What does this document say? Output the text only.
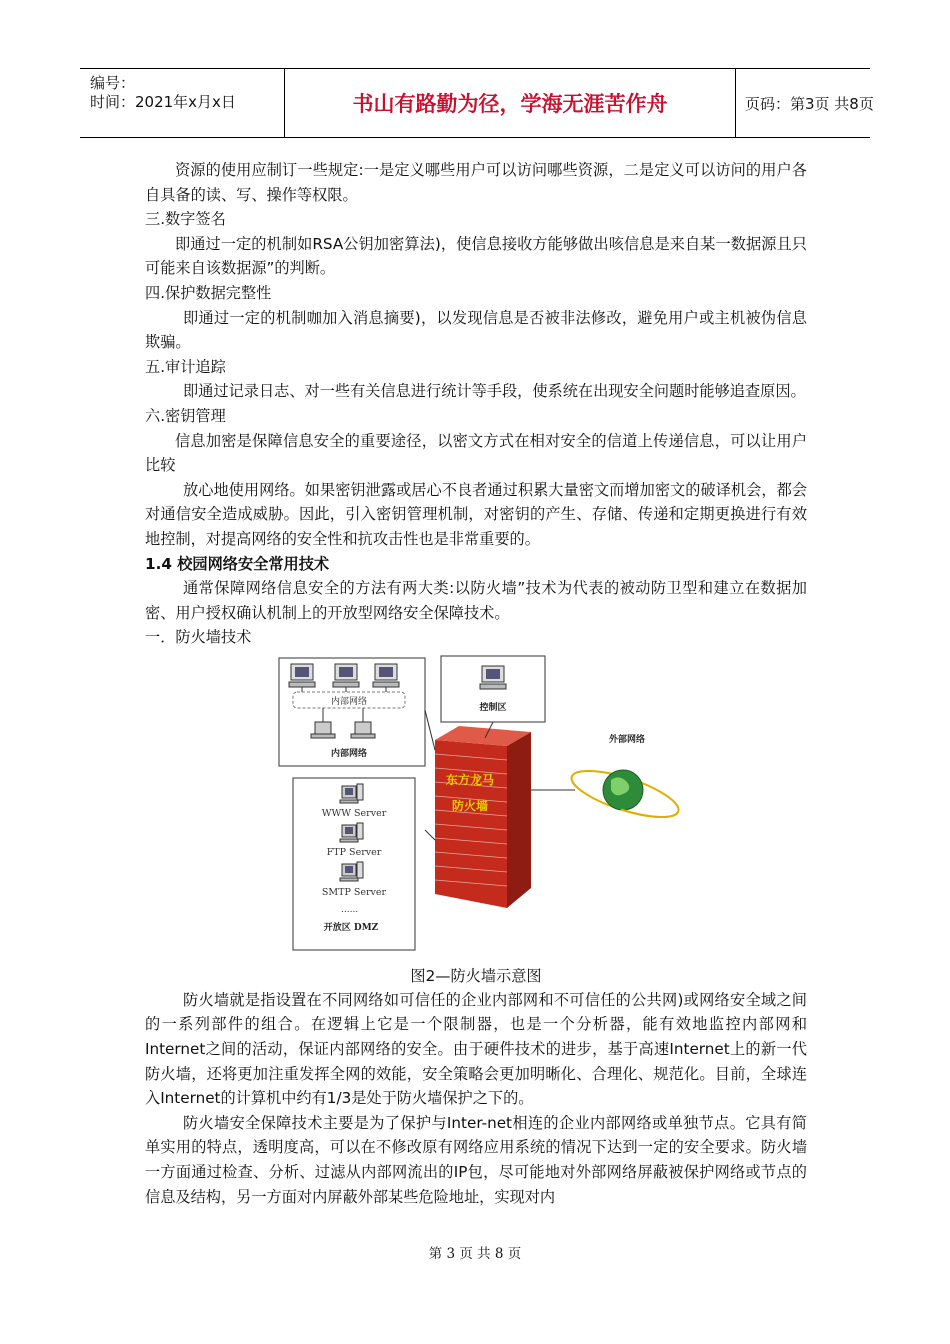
编号：
时间：2021年x月x日	书山有路勤为径，学海无涯苦作舟	页码：第3页 共8页

资源的使用应制订一些规定:一是定义哪些用户可以访问哪些资源，二是定义可以访问的用户各自具备的读、写、操作等权限。

三.数字签名

即通过一定的机制如RSA公钥加密算法)，使信息接收方能够做出咳信息是来自某一数据源且只可能来自该数据源”的判断。

四.保护数据完整性

即通过一定的机制咖加入消息摘要)，以发现信息是否被非法修改，避免用户或主机被伪信息欺骗。

五.审计追踪

即通过记录日志、对一些有关信息进行统计等手段，使系统在出现安全问题时能够追查原因。

六.密钥管理

信息加密是保障信息安全的重要途径，以密文方式在相对安全的信道上传递信息，可以让用户比较

放心地使用网络。如果密钥泄露或居心不良者通过积累大量密文而增加密文的破译机会，都会对通信安全造成威胁。因此，引入密钥管理机制，对密钥的产生、存储、传递和定期更换进行有效地控制，对提高网络的安全性和抗攻击性也是非常重要的。

1.4 校园网络安全常用技术

通常保障网络信息安全的方法有两大类:以防火墙”技术为代表的被动防卫型和建立在数据加密、用户授权确认机制上的开放型网络安全保障技术。

一．防火墙技术

内部网络
内部网络
控制区
东方龙马
防火墙
外部网络
WWW Server
FTP Server
SMTP Server
......
开放区 DMZ

图2—防火墙示意图

防火墙就是指设置在不同网络如可信任的企业内部网和不可信任的公共网)或网络安全域之间的一系列部件的组合。在逻辑上它是一个限制器，也是一个分析器，能有效地监控内部网和Internet之间的活动，保证内部网络的安全。由于硬件技术的进步，基于高速Internet上的新一代防火墙，还将更加注重发挥全网的效能，安全策略会更加明晰化、合理化、规范化。目前，全球连入Internet的计算机中约有1/3是处于防火墙保护之下的。

防火墙安全保障技术主要是为了保护与Inter-net相连的企业内部网络或单独节点。它具有简单实用的特点，透明度高，可以在不修改原有网络应用系统的情况下达到一定的安全要求。防火墙一方面通过检查、分析、过滤从内部网流出的IP包，尽可能地对外部网络屏蔽被保护网络或节点的信息及结构，另一方面对内屏蔽外部某些危险地址，实现对内

第 3 页 共 8 页
